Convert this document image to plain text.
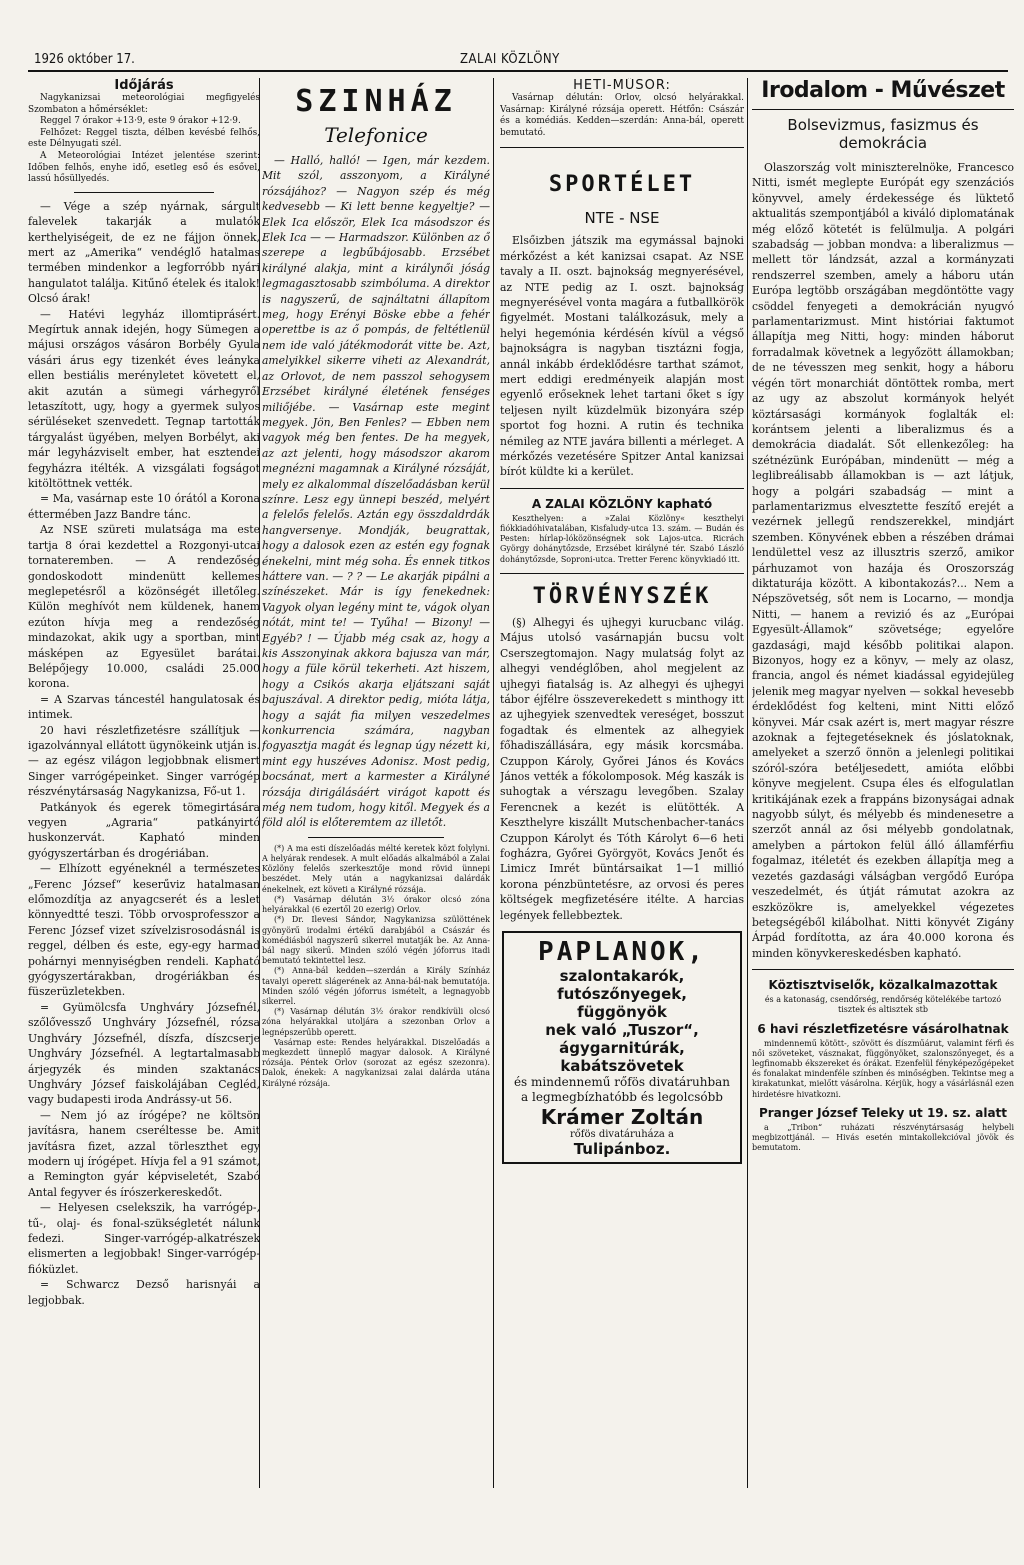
1926 október 17.	ZALAI KÖZLÖNY

Időjárás

Nagykanizsai meteorológiai megfigyelés Szombaton a hőmérséklet:

Reggel 7 órakor +13·9, este 9 órakor +12·9.

Felhőzet: Reggel tiszta, délben kevésbé felhős, este Délnyugati szél.

A Meteorológiai Intézet jelentése szerint: Időben felhős, enyhe idő, esetleg eső és esővel, lassú hősüllyedés.

— Vége a szép nyárnak, sárgult falevelek takarják a mulatók kerthelyiségeit, de ez ne fájjon önnek, mert az „Amerika“ vendéglő hatalmas termében mindenkor a legforróbb nyári hangulatot találja. Kitűnő ételek és italok! Olcsó árak!

— Hatévi legyház illomtiprásért. Megírtuk annak idején, hogy Sümegen a májusi országos vásáron Borbély Gyula vásári árus egy tizenkét éves leányka ellen bestiális merényletet követett el, akit azután a sümegi várhegyről letaszított, ugy, hogy a gyermek sulyos sérüléseket szenvedett. Tegnap tartották tárgyalást ügyében, melyen Borbélyt, aki már legyházviselt ember, hat esztendei fegyházra itélték. A vizsgálati fogságot kitöltöttnek vették.

= Ma, vasárnap este 10 órától a Korona éttermében Jazz Bandre tánc.

Az NSE szüreti mulatsága ma este tartja 8 órai kezdettel a Rozgonyi-utcai tornateremben. — A rendezőség gondoskodott mindenütt kellemes meglepetésről a közönségét illetőleg. Külön meghívót nem küldenek, hanem ezúton hívja meg a rendezőség mindazokat, akik ugy a sportban, mint másképen az Egyesület barátai. Belépőjegy 10.000, családi 25.000 korona.

= A Szarvas táncestél hangulatosak és intimek.

20 havi részletfizetésre szállítjuk — igazolvánnyal ellátott ügynökeink utján is. — az egész világon legjobbnak elismert Singer varrógépeinket. Singer varrógép részvénytársaság Nagykanizsa, Fő-ut 1.

Patkányok és egerek tömegirtására vegyen „Agraria“ patkányirtó huskonzervát. Kapható minden gyógyszertárban és drogériában.

— Elhízott egyéneknél a természetes „Ferenc József“ keserűviz hatalmasan előmozdítja az anyagcserét és a leslet könnyedtté teszi. Több orvosprofesszor a Ferenc József vizet szívelzisrosodásnál is reggel, délben és este, egy-egy harmad pohárnyi mennyiségben rendeli. Kapható gyógyszertárakban, drogériákban és füszerüzletekben.

= Gyümölcsfa Unghváry Józsefnél, szőlővessző Unghváry Józsefnél, rózsa Unghváry Józsefnél, díszfa, díszcserje Unghváry Józsefnél. A legtartalmasabb árjegyzék és minden szaktanács Unghváry József faiskolájában Cegléd, vagy budapesti iroda Andrássy-ut 56.

— Nem jó az írógépe? ne költsön javításra, hanem cseréltesse be. Amit javításra fizet, azzal törleszthet egy modern uj írógépet. Hívja fel a 91 számot, a Remington gyár képviseletét, Szabó Antal fegyver és írószerkereskedőt.

— Helyesen cselekszik, ha varrógép-, tű-, olaj- és fonal-szükségletét nálunk fedezi. Singer-varrógép-alkatrészek elismerten a legjobbak! Singer-varrógép-fióküzlet.

= Schwarcz Dezső harisnyái a legjobbak.

SZINHÁZ
Telefonice

— Halló, halló! — Igen, már kezdem. Mit szól, asszonyom, a Királyné rózsájához? — Nagyon szép és még kedvesebb — Ki lett benne kegyeltje? — Elek Ica először, Elek Ica másodszor és Elek Ica — — Harmadszor. Különben az ő szerepe a legbűbájosabb. Erzsébet királyné alakja, mint a királynői jóság legmagasztosabb szimbóluma. A direktor is nagyszerű, de sajnáltatni állapítom meg, hogy Erényi Böske ebbe a fehér operettbe is az ő pompás, de feltétlenül nem ide való játékmodorát vitte be. Azt, amelyikkel sikerre viheti az Alexandrát, az Orlovot, de nem passzol sehogysem Erzsébet királyné életének fenséges miliőjébe. — Vasárnap este megint megyek. Jön, Ben Fenles? — Ebben nem vagyok még ben fentes. De ha megyek, az azt jelenti, hogy másodszor akarom megnézni magamnak a Királyné rózsáját, mely ez alkalommal díszelőadásban kerül színre. Lesz egy ünnepi beszéd, melyért a felelős felelős. Aztán egy összdaldrdák hangversenye. Mondják, beugrattak, hogy a dalosok ezen az estén egy fognak énekelni, mint még soha. És ennek titkos háttere van. — ? ? — Le akarják pipálni a színészeket. Már is így fenekednek: Vagyok olyan legény mint te, vágok olyan nótát, mint te! — Tyűha! — Bizony! — Egyéb? ! — Újabb még csak az, hogy a kis Asszonyinak akkora bajusza van már, hogy a füle körül tekerheti. Azt hiszem, hogy a Csikós akarja eljátszani saját bajuszával. A direktor pedig, mióta látja, hogy a saját fia milyen veszedelmes konkurrencia számára, nagyban fogyasztja magát és legnap úgy nézett ki, mint egy huszéves Adonisz. Most pedig, bocsánat, mert a karmester a Királyné rózsája dirigálásáért virágot kapott és még nem tudom, hogy kitől. Megyek és a föld alól is előteremtem az illetőt.

(*) A ma esti díszelőadás mélté keretek közt folylyni. A helyárak rendesek. A mult előadás alkalmából a Zalai Közlöny felelős szerkesztője mond rövid ünnepi beszédet. Mely után a nagykanizsai dalárdák énekelnek, ezt követi a Királyné rózsája.

(*) Vasárnap délután 3½ órakor olcsó zóna helyárakkal (6 ezertől 20 ezerig) Orlov.

(*) Dr. Ilevesi Sándor, Nagykanizsa szülöttének gyönyörű irodalmi értékű darabjából a Császár és komédiásból nagyszerű sikerrel mutatják be. Az Anna-bál nagy sikerű. Minden szóló végén jóforrus itadi bemutató tekintettel lesz.

(*) Anna-bál kedden—szerdán a Király Színház tavalyi operett slágerének az Anna-bál-nak bemutatója. Minden szóló végén jóforrus ismételt, a legnagyobb sikerrel.

(*) Vasárnap délután 3½ órakor rendkívüli olcsó zóna helyárakkal utoljára a szezonban Orlov a legnépszerűbb operett.

Vasárnap este: Rendes helyárakkal. Diszelőadás a megkezdett ünneplő magyar dalosok. A Királyné rózsája. Péntek Orlov (sorozat az egész szezonra). Dalok, énekek: A nagykanizsai zalai dalárda utána Királyné rózsája.

HETI-MŰSOR:

Vasárnap délután: Orlov, olcsó helyárakkal. Vasárnap: Királyné rózsája operett. Hétfőn: Császár és a komédiás. Kedden—szerdán: Anna-bál, operett bemutató.

SPORTÉLET

NTE - NSE

Elsőizben játszik ma egymással bajnoki mérkőzést a két kanizsai csapat. Az NSE tavaly a II. oszt. bajnokság megnyerésével, az NTE pedig az I. oszt. bajnokság megnyerésével vonta magára a futballkörök figyelmét. Mostani találkozásuk, mely a helyi hegemónia kérdésén kívül a végső bajnokságra is nagyban tisztázni fogja, annál inkább érdeklődésre tarthat számot, mert eddigi eredményeik alapján most egyenlő erőseknek lehet tartani őket s így teljesen nyilt küzdelmük bizonyára szép sportot fog hozni. A rutin és technika némileg az NTE javára billenti a mérleget. A mérkőzés vezetésére Spitzer Antal kanizsai bírót küldte ki a kerület.

A ZALAI KÖZLÖNY kapható

Keszthelyen: a »Zalai Közlöny« keszthelyi fiókkiadóhivatalában, Kisfaludy-utca 13. szám. — Budán és Pesten: hírlap-lóközönségnek sok Lajos-utca. Ricrách György dohánytőzsde, Erzsébet királyné tér. Szabó László dohánytőzsde, Soproni-utca. Tretter Ferenc könyvkiadó itt.

TÖRVÉNYSZÉK

(§) Alhegyi és ujhegyi kurucbanc világ. Május utolsó vasárnapján bucsu volt Cserszegtomajon. Nagy mulatság folyt az alhegyi vendéglőben, ahol megjelent az ujhegyi fiatalság is. Az alhegyi és ujhegyi tábor éjfélre összeverekedett s minthogy itt az ujhegyiek szenvedtek vereséget, bosszut fogadtak és elmentek az alhegyiek főhadiszállására, egy másik korcsmába. Czuppon Károly, Győrei János és Kovács János vették a fókolomposok. Még kaszák is suhogtak a vérszagu levegőben. Szalay Ferencnek a kezét is elütötték. A Keszthelyre kiszállt Mutschenbacher-tanács Czuppon Károlyt és Tóth Károlyt 6—6 heti fogházra, Győrei Györgyöt, Kovács Jenőt és Limicz Imrét büntársaikat 1—1 millió korona pénzbüntetésre, az orvosi és peres költségek megfizetésére itélte. A harcias legények fellebbeztek.

PAPLANOK,
szalontakarók, futószőnyegek, függönyök
nek való „Tuszor“,
ágygarnitúrák, kabátszövetek
és mindennemű rőfös divatáruhban a legmegbízhatóbb és legolcsóbb
Krámer Zoltán
rőfös divatáruháza a
Tulipánboz.

Irodalom - Művészet

Bolsevizmus, fasizmus és demokrácia

Olaszország volt miniszterelnöke, Francesco Nitti, ismét meglepte Európát egy szenzációs könyvvel, amely érdekessége és lüktető aktualitás szempontjából a kiváló diplomatának még előző kötetét is felülmulja. A polgári szabadság — jobban mondva: a liberalizmus — mellett tör lándzsát, azzal a kormányzati rendszerrel szemben, amely a háboru után Európa legtöbb országában megdöntötte vagy csöddel fenyegeti a demokrácián nyugvó parlamentarizmust. Mint históriai faktumot állapítja meg Nitti, hogy: minden háborut forradalmak követnek a legyőzött államokban; de ne tévesszen meg senkit, hogy a háboru végén tört monarchiát döntöttek romba, mert az ugy az abszolut kormányok helyét köztársasági kormányok foglalták el: korántsem jelenti a liberalizmus és a demokrácia diadalát. Sőt ellenkezőleg: ha szétnézünk Európában, mindenütt — még a leglibreálisabb államokban is — azt látjuk, hogy a polgári szabadság — mint a parlamentarizmus elvesztette feszítő erejét a vezérnek jellegű rendszerekkel, mindjárt szemben. Könyvének ebben a részében drámai lendülettel vesz az illusztris szerző, amikor párhuzamot von hazája és Oroszország diktaturája között. A kibontakozás?... Nem a Népszövetség, sőt nem is Locarno, — mondja Nitti, — hanem a revizió és az „Európai Egyesült-Államok“ szövetsége; egyelőre gazdasági, majd később politikai alapon. Bizonyos, hogy ez a könyv, — mely az olasz, francia, angol és német kiadással egyidejüleg jelenik meg magyar nyelven — sokkal hevesebb érdeklődést fog kelteni, mint Nitti előző könyvei. Már csak azért is, mert magyar részre azoknak a fejtegetéseknek és jóslatoknak, amelyeket a szerző önnön a jelenlegi politikai szóról-szóra betéljesedett, amióta előbbi könyve megjelent. Csupa éles és elfogulatlan kritikájának ezek a frappáns bizonyságai adnak nagyobb súlyt, és mélyebb és mindenesetre a szerzőt annál az ősi mélyebb gondolatnak, amelyben a pártokon felül álló államférfiu fogalmaz, itéletét és ezekben állapítja meg a vezetés gazdasági válságban vergődő Európa veszedelmét, és útját rámutat azokra az eszközökre is, amelyekkel végezetes betegségéből kilábolhat. Nitti könyvét Zigány Árpád fordította, az ára 40.000 korona és minden könyvkereskedésben kapható.

Köztisztviselők, közalkalmazottak

és a katonaság, csendőrség, rendőrség kötelékébe tartozó tisztek és altisztek stb

6 havi részletfizetésre vásárolhatnak

mindennemű kötött-, szövött és díszműárut, valamint férfi és női szöveteket, vásznakat, függönyöket, szalonszőnyeget, és a legfinomabb ékszereket és órákat. Ezenfelül fényképezőgépeket és fonalakat mindenféle színben és minőségben. Tekintse meg a kirakatunkat, mielőtt vásárolna. Kérjük, hogy a vásárlásnál ezen hirdetésre hivatkozni.

Pranger József Teleky ut 19. sz. alatt

a „Tribon“ ruházati részvénytársaság helybeli megbizottjánál. — Hivás esetén mintakollekcióval jövök és bemutatom.
